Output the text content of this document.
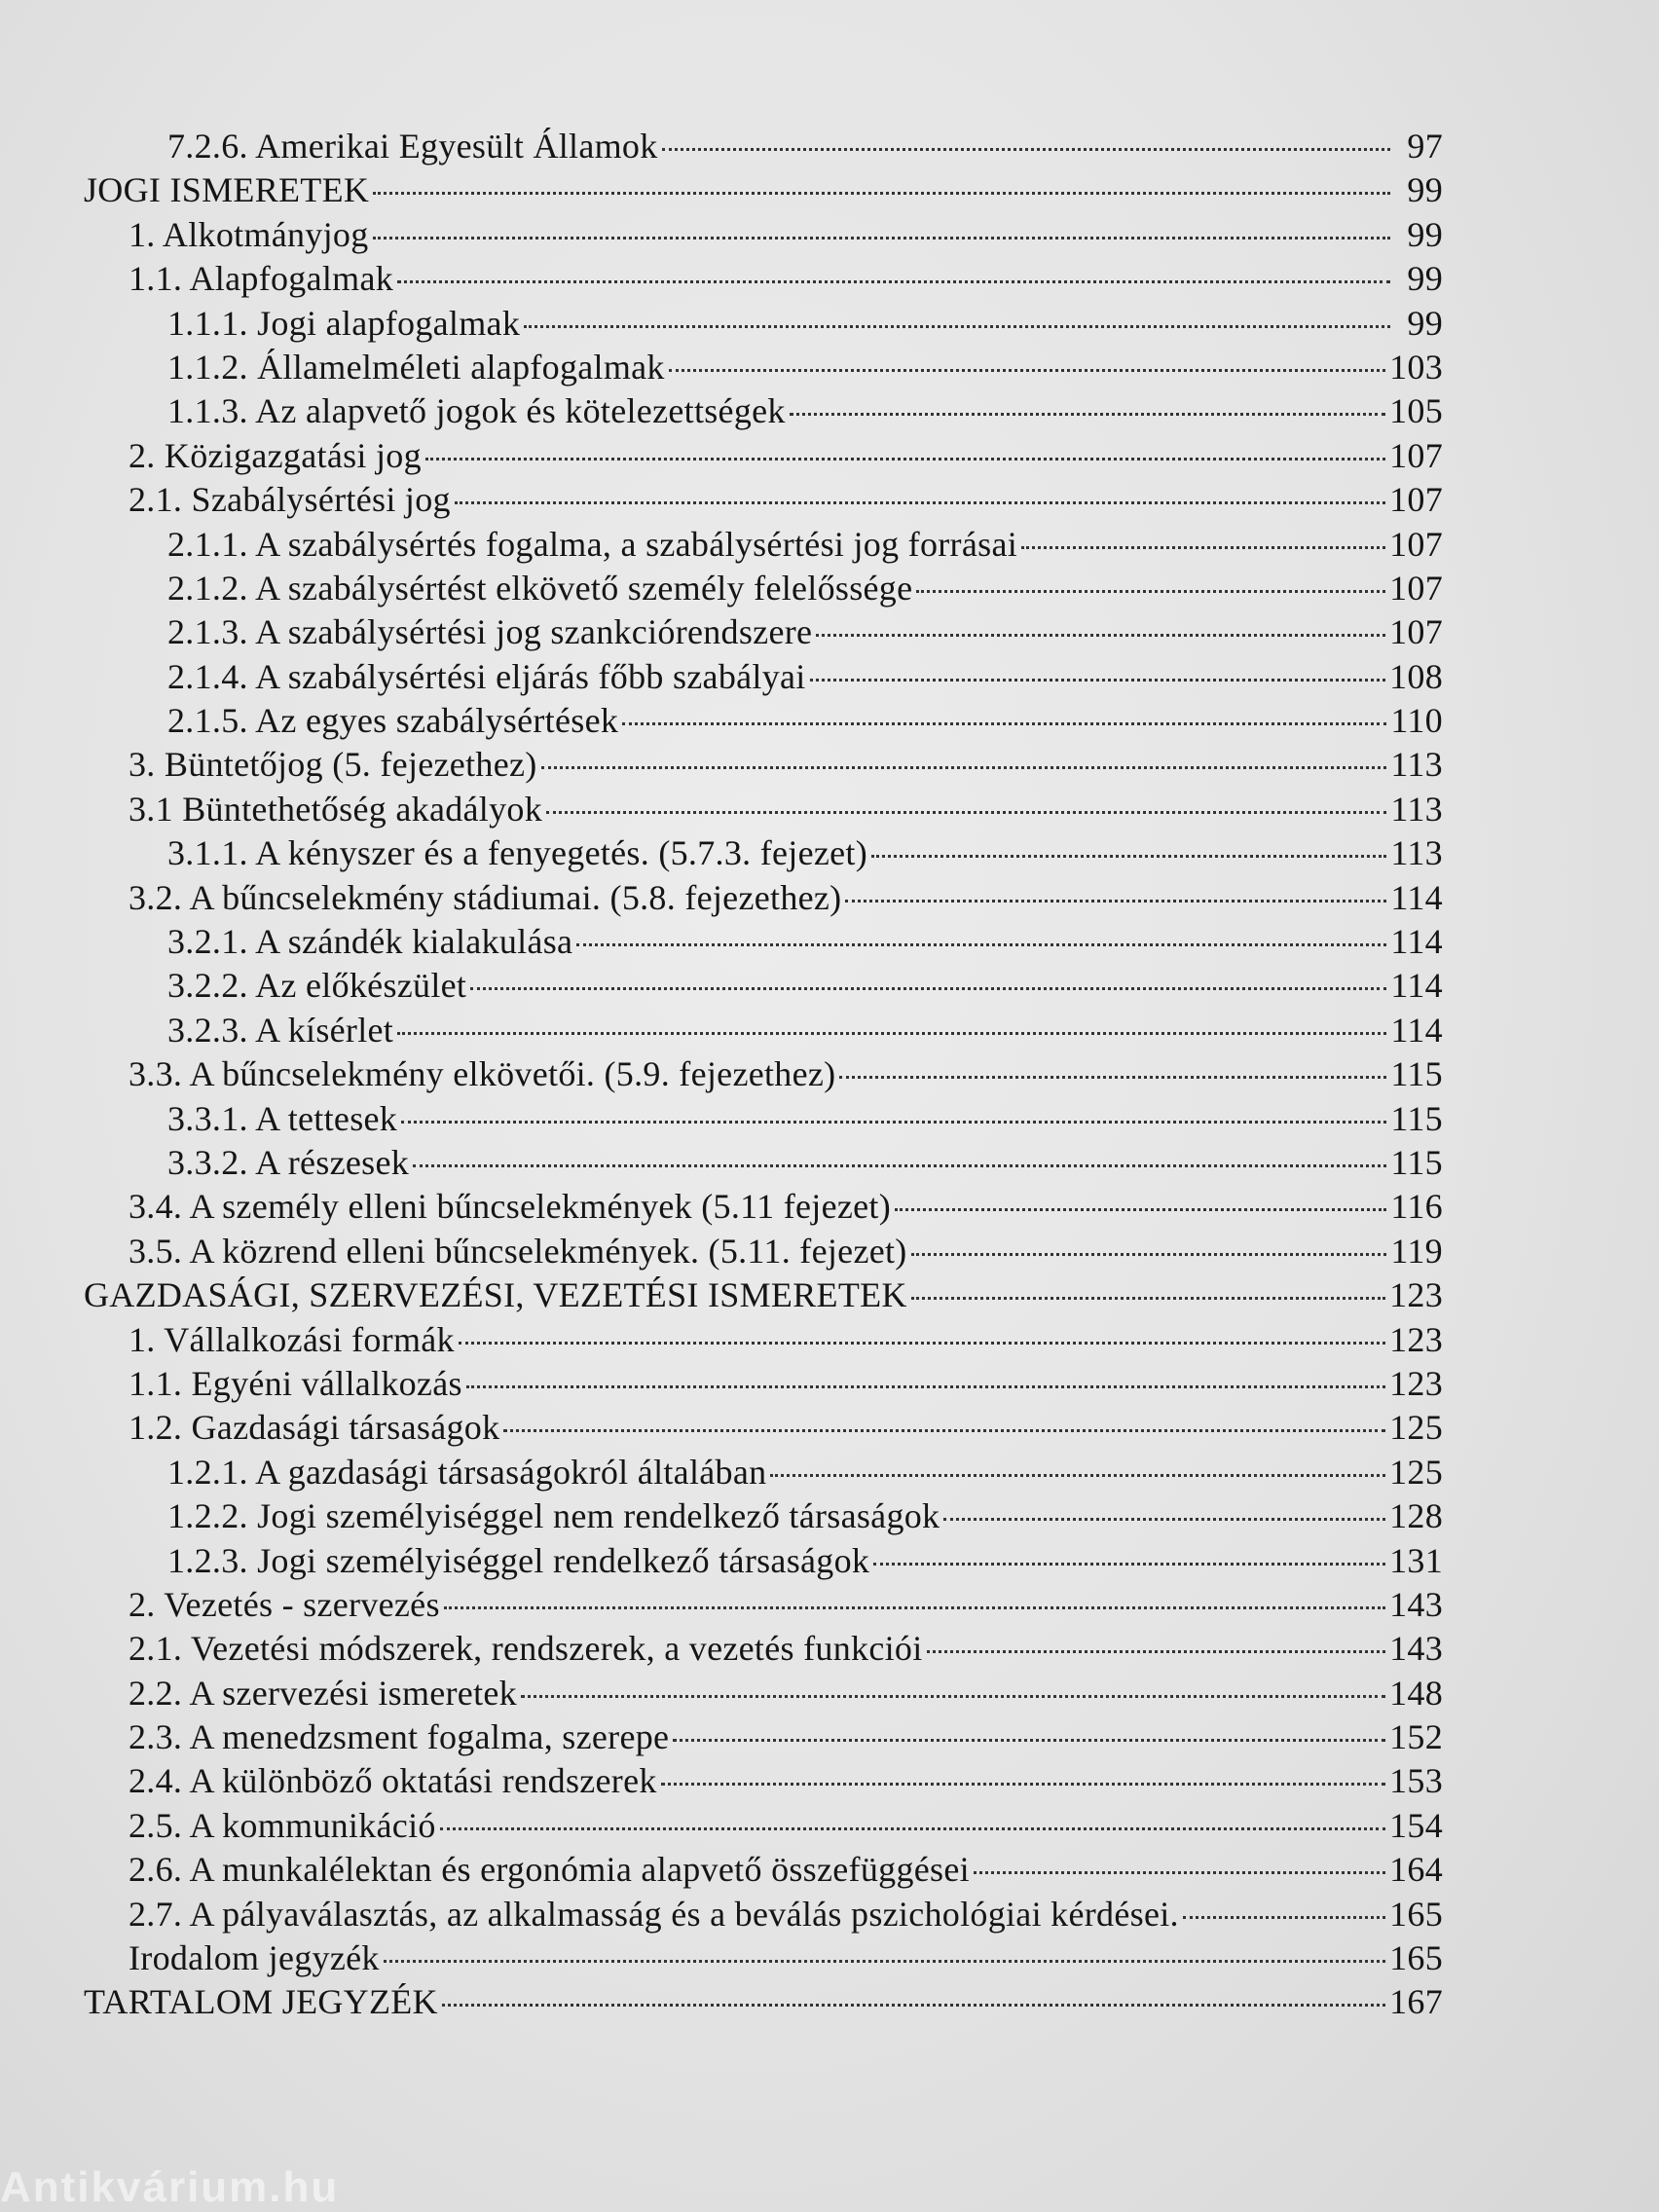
7.2.6. Amerikai Egyesült Államok	97
JOGI ISMERETEK	99
1. Alkotmányjog	99
1.1. Alapfogalmak	99
1.1.1. Jogi alapfogalmak	99
1.1.2. Államelméleti alapfogalmak	103
1.1.3. Az alapvető jogok és kötelezettségek	105
2. Közigazgatási jog	107
2.1. Szabálysértési jog	107
2.1.1. A szabálysértés fogalma, a szabálysértési jog forrásai	107
2.1.2. A szabálysértést elkövető személy felelőssége	107
2.1.3. A szabálysértési jog szankciórendszere	107
2.1.4. A szabálysértési eljárás főbb szabályai	108
2.1.5. Az egyes szabálysértések	110
3. Büntetőjog (5. fejezethez)	113
3.1 Büntethetőség akadályok	113
3.1.1. A kényszer és a fenyegetés. (5.7.3. fejezet)	113
3.2. A bűncselekmény stádiumai. (5.8. fejezethez)	114
3.2.1. A szándék kialakulása	114
3.2.2. Az előkészület	114
3.2.3. A kísérlet	114
3.3. A bűncselekmény elkövetői. (5.9. fejezethez)	115
3.3.1. A tettesek	115
3.3.2. A részesek	115
3.4. A személy elleni bűncselekmények (5.11 fejezet)	116
3.5. A közrend elleni bűncselekmények. (5.11. fejezet)	119
GAZDASÁGI, SZERVEZÉSI, VEZETÉSI ISMERETEK	123
1. Vállalkozási formák	123
1.1. Egyéni vállalkozás	123
1.2. Gazdasági társaságok	125
1.2.1. A gazdasági társaságokról általában	125
1.2.2. Jogi személyiséggel nem rendelkező társaságok	128
1.2.3. Jogi személyiséggel rendelkező társaságok	131
2. Vezetés - szervezés	143
2.1. Vezetési módszerek, rendszerek, a vezetés funkciói	143
2.2. A szervezési ismeretek	148
2.3. A menedzsment fogalma, szerepe	152
2.4. A különböző oktatási rendszerek	153
2.5. A kommunikáció	154
2.6. A munkalélektan és ergonómia alapvető összefüggései	164
2.7. A pályaválasztás, az alkalmasság és a beválás pszichológiai kérdései.	165
Irodalom jegyzék	165
TARTALOM JEGYZÉK	167
Antikvárium.hu
